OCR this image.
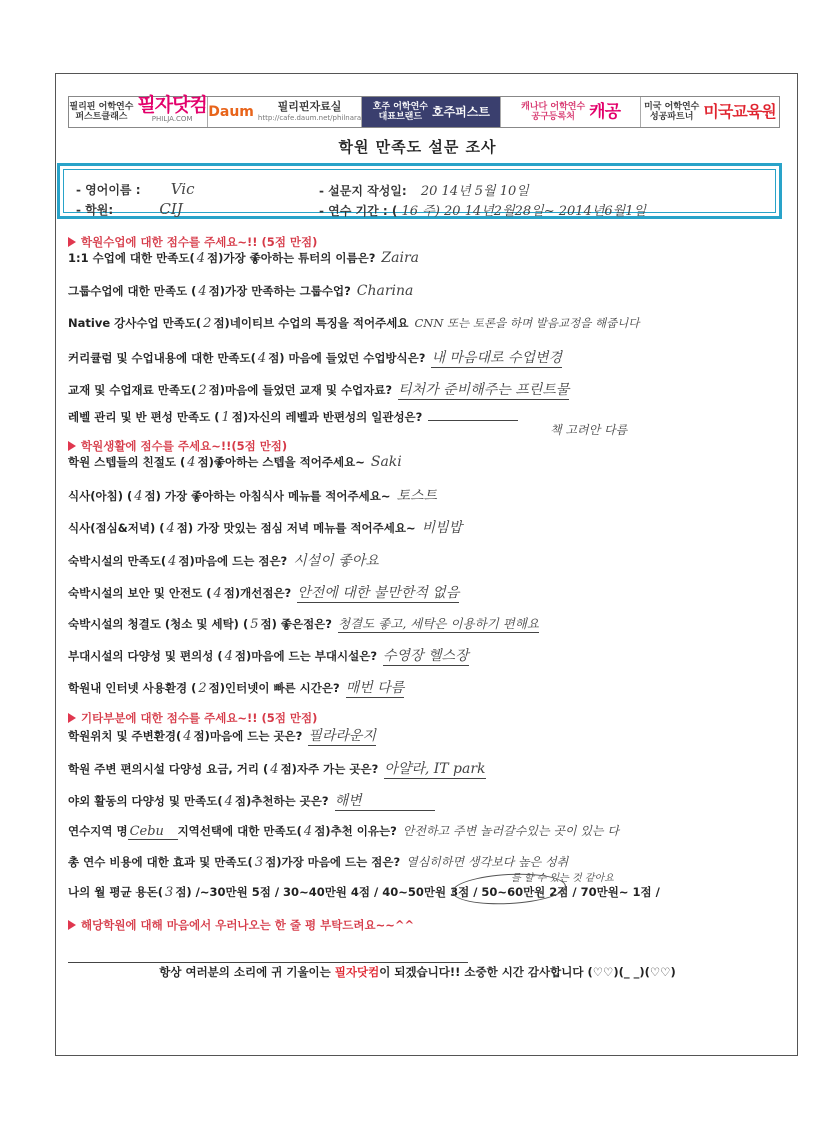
필리핀 어학연수
퍼스트클래스
필자닷컴
PHILJA.COM	Daum	필리핀자료실
http://cafe.daum.net/philnara
호주 어학연수
대표브랜드 호주퍼스트	캐나다 어학연수
공구등록처 캐공	미국 어학연수
성공파트너 미국교육원
학원 만족도 설문 조사
- 영어이름 : Vic
- 학원:	CIJ
- 설문지 작성일: 20 14년 5월 10일
- 연수 기간 : ( 16 주) 20 14년2월28일~ 2014년6월1일
학원수업에 대한 점수를 주세요~!! (5점 만점)
1:1 수업에 대한 만족도( 4 점)가장 좋아하는 튜터의 이름은? Zaira
그룹수업에 대한 만족도 ( 4 점)가장 만족하는 그룹수업? Charina
Native 강사수업 만족도( 2 점)네이티브 수업의 특징을 적어주세요 CNN 또는 토론을 하며 발음교정을 해줍니다
커리큘럼 및 수업내용에 대한 만족도( 4 점) 마음에 들었던 수업방식은? 내 마음대로 수업변경
교재 및 수업재료 만족도( 2 점)마음에 들었던 교재 및 수업자료? 티처가 준비해주는 프린트물
레벨 관리 및 반 편성 만족도 ( 1 점)자신의 레벨과 반편성의 일관성은?
책 고려안 다름
학원생활에 점수를 주세요~!!(5점 만점)
학원 스텝들의 친절도 ( 4 점)좋아하는 스텝을 적어주세요~ Saki
식사(아침) ( 4 점) 가장 좋아하는 아침식사 메뉴를 적어주세요~ 토스트
식사(점심&저녁) ( 4 점) 가장 맛있는 점심 저녁 메뉴를 적어주세요~ 비빔밥
숙박시설의 만족도( 4 점)마음에 드는 점은? 시설이 좋아요
숙박시설의 보안 및 안전도 ( 4 점)개선점은? 안전에 대한 불만한적 없음
숙박시설의 청결도 (청소 및 세탁) ( 5 점) 좋은점은? 청결도 좋고, 세탁은 이용하기 편해요
부대시설의 다양성 및 편의성 ( 4 점)마음에 드는 부대시설은? 수영장 헬스장
학원내 인터넷 사용환경 ( 2 점)인터넷이 빠른 시간은? 매번 다름
기타부분에 대한 점수를 주세요~!! (5점 만점)
학원위치 및 주변환경( 4 점)마음에 드는 곳은? 필라라운지
학원 주변 편의시설 다양성 요금, 거리 ( 4 점)자주 가는 곳은? 아얄라, IT park
야외 활동의 다양성 및 만족도( 4 점)추천하는 곳은? 해변
연수지역 명 Cebu	지역선택에 대한 만족도( 4 점)추천 이유는? 안전하고 주변 놀러갈수있는 곳이 있는 다
총 연수 비용에 대한 효과 및 만족도( 3 점)가장 마음에 드는 점은? 열심히하면 생각보다 높은 성취
를 할 수 있는 것 같아요
나의 월 평균 용돈( 3 점) /~30만원 5점 / 30~40만원 4점 / 40~50만원 3점 / 50~60만원 2점 / 70만원~ 1점 /
해당학원에 대해 마음에서 우러나오는 한 줄 평 부탁드려요~~^^
항상 여러분의 소리에 귀 기울이는 필자닷컴이 되겠습니다!! 소중한 시간 감사합니다 (♡♡)(_ _)(♡♡)
